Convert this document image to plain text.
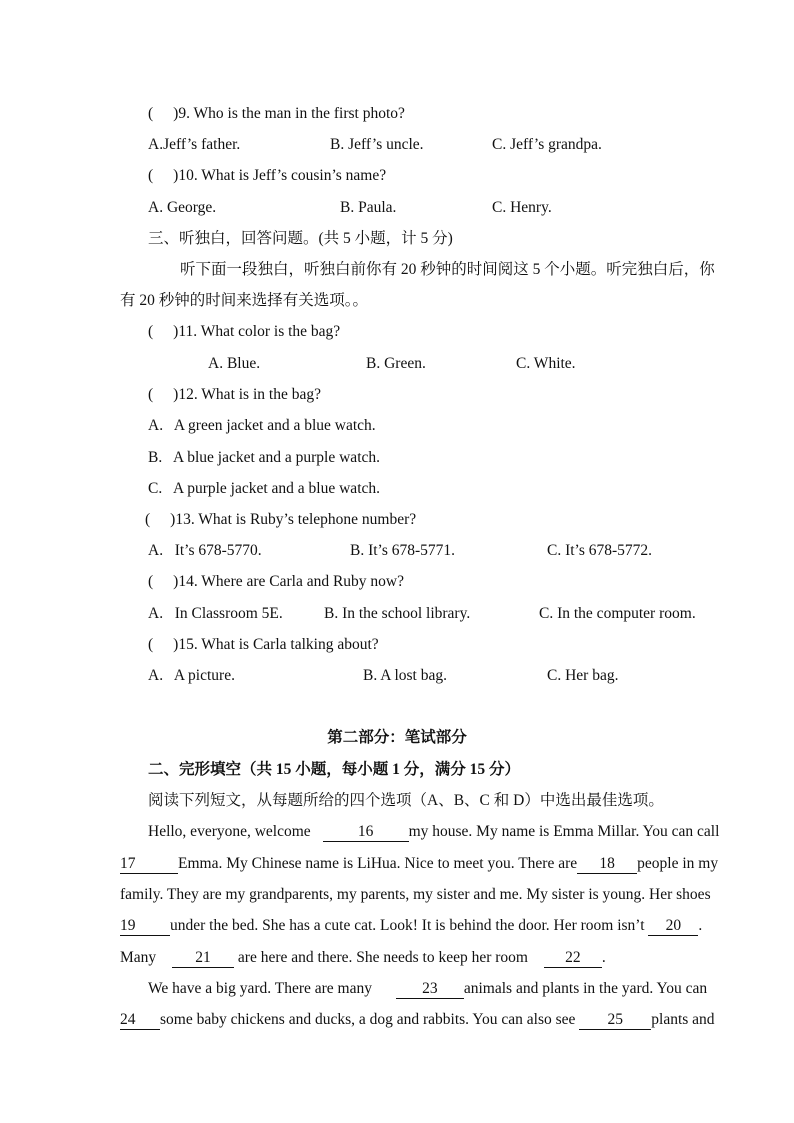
( )9. Who is the man in the first photo?
A.Jeff’s father.	B. Jeff’s uncle.	C. Jeff’s grandpa.
( )10. What is Jeff’s cousin’s name?
A. George.	B. Paula.	C. Henry.
三、听独白，回答问题。(共 5 小题，计 5 分)
听下面一段独白，听独白前你有 20 秒钟的时间阅这 5 个小题。听完独白后，你
有 20 秒钟的时间来选择有关选项。。
( )11. What color is the bag?
A. Blue.	B. Green.	C. White.
( )12. What is in the bag?
A.   A green jacket and a blue watch.
B.   A blue jacket and a purple watch.
C.   A purple jacket and a blue watch.
( )13. What is Ruby’s telephone number?
A.   It’s 678-5770.	B. It’s 678-5771.	C. It’s 678-5772.
( )14. Where are Carla and Ruby now?
A.   In Classroom 5E.	B. In the school library.	C. In the computer room.
( )15. What is Carla talking about?
A.   A picture.	B. A lost bag.	C. Her bag.
第二部分：笔试部分
二、完形填空（共 15 小题，每小题 1 分，满分 15 分）
阅读下列短文，从每题所给的四个选项（A、B、C 和 D）中选出最佳选项。
Hello, everyone, welcome	16 my house. My name is Emma Millar. You can call
17	Emma. My Chinese name is LiHua. Nice to meet you. There are 18 people in my
family. They are my grandparents, my parents, my sister and me. My sister is young. Her shoes
19 under the bed. She has a cute cat. Look! It is behind the door. Her room isn’t 20 .
Many 21 are here and there. She needs to keep her room 22 .
We have a big yard. There are many	23 animals and plants in the yard. You can
24 some baby chickens and ducks, a dog and rabbits. You can also see 25 plants and
